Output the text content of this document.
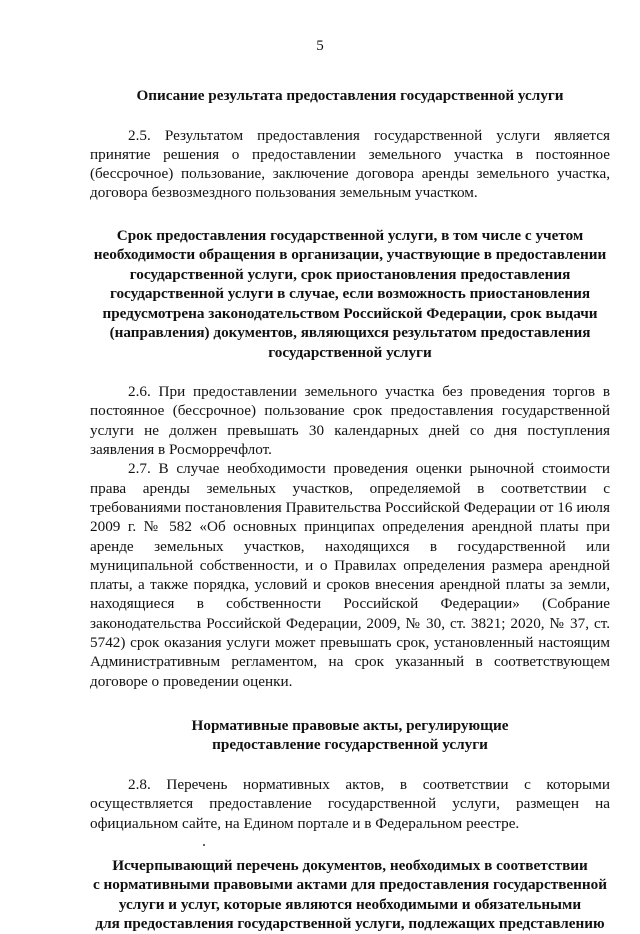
5
Описание результата предоставления государственной услуги

2.5. Результатом предоставления государственной услуги является принятие решения о предоставлении земельного участка в постоянное (бессрочное) пользование, заключение договора аренды земельного участка, договора безвозмездного пользования земельным участком.

Срок предоставления государственной услуги, в том числе с учетом
необходимости обращения в организации, участвующие в предоставлении
государственной услуги, срок приостановления предоставления
государственной услуги в случае, если возможность приостановления
предусмотрена законодательством Российской Федерации, срок выдачи
(направления) документов, являющихся результатом предоставления
государственной услуги

2.6. При предоставлении земельного участка без проведения торгов в постоянное (бессрочное) пользование срок предоставления государственной услуги не должен превышать 30 календарных дней со дня поступления заявления в Росморречфлот.

2.7. В случае необходимости проведения оценки рыночной стоимости права аренды земельных участков, определяемой в соответствии с требованиями постановления Правительства Российской Федерации от 16 июля 2009 г. № 582 «Об основных принципах определения арендной платы при аренде земельных участков, находящихся в государственной или муниципальной собственности, и о Правилах определения размера арендной платы, а также порядка, условий и сроков внесения арендной платы за земли, находящиеся в собственности Российской Федерации» (Собрание законодательства Российской Федерации, 2009, № 30, ст. 3821; 2020, № 37, ст. 5742) срок оказания услуги может превышать срок, установленный настоящим Административным регламентом, на срок указанный в соответствующем договоре о проведении оценки.

Нормативные правовые акты, регулирующие
предоставление государственной услуги

2.8. Перечень нормативных актов, в соответствии с которыми осуществляется предоставление государственной услуги, размещен на официальном сайте, на Едином портале и в Федеральном реестре.

Исчерпывающий перечень документов, необходимых в соответствии
с нормативными правовыми актами для предоставления государственной
услуги и услуг, которые являются необходимыми и обязательными
для предоставления государственной услуги, подлежащих представлению
